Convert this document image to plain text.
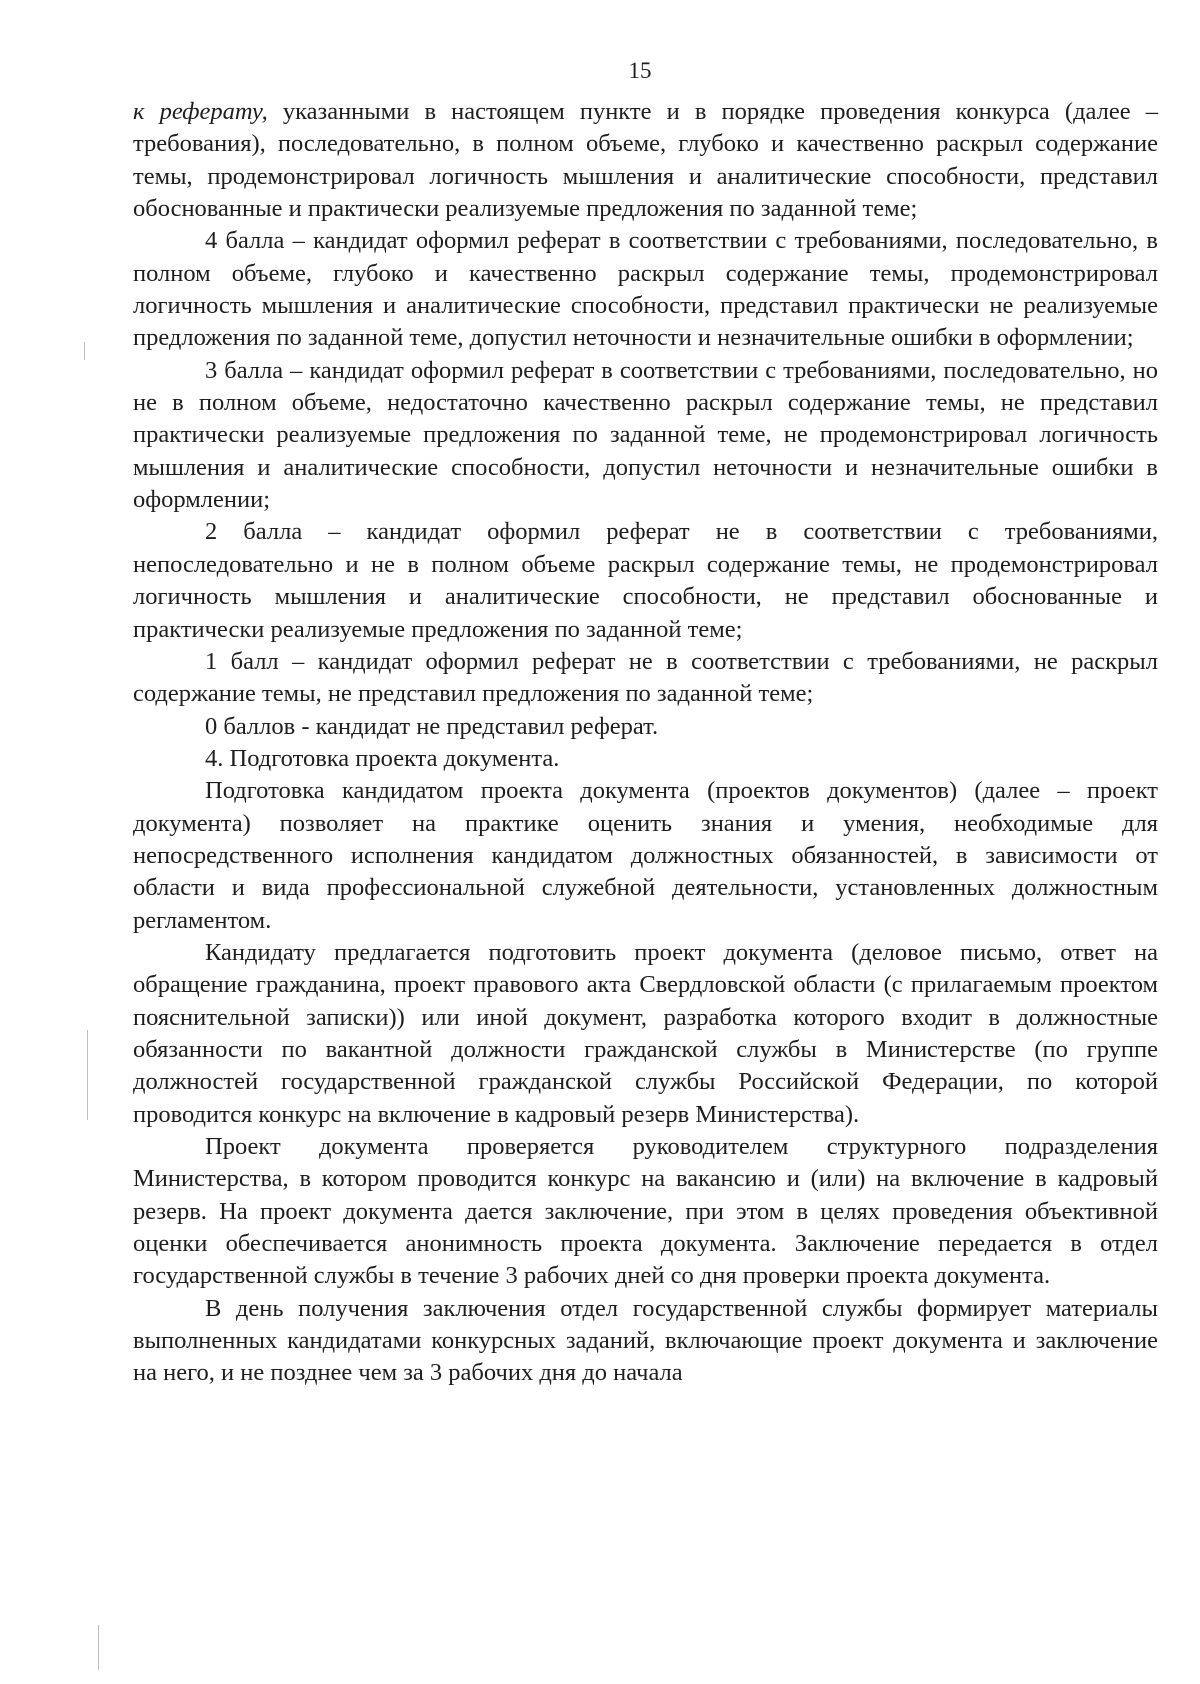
15

к реферату, указанными в настоящем пункте и в порядке проведения конкурса (далее – требования), последовательно, в полном объеме, глубоко и качественно раскрыл содержание темы, продемонстрировал логичность мышления и аналитические способности, представил обоснованные и практически реализуемые предложения по заданной теме;

4 балла – кандидат оформил реферат в соответствии с требованиями, последовательно, в полном объеме, глубоко и качественно раскрыл содержание темы, продемонстрировал логичность мышления и аналитические способности, представил практически не реализуемые предложения по заданной теме, допустил неточности и незначительные ошибки в оформлении;

3 балла – кандидат оформил реферат в соответствии с требованиями, последовательно, но не в полном объеме, недостаточно качественно раскрыл содержание темы, не представил практически реализуемые предложения по заданной теме, не продемонстрировал логичность мышления и аналитические способности, допустил неточности и незначительные ошибки в оформлении;

2 балла – кандидат оформил реферат не в соответствии с требованиями, непоследовательно и не в полном объеме раскрыл содержание темы, не продемонстрировал логичность мышления и аналитические способности, не представил обоснованные и практически реализуемые предложения по заданной теме;

1 балл – кандидат оформил реферат не в соответствии с требованиями, не раскрыл содержание темы, не представил предложения по заданной теме;

0 баллов - кандидат не представил реферат.

4. Подготовка проекта документа.

Подготовка кандидатом проекта документа (проектов документов) (далее – проект документа) позволяет на практике оценить знания и умения, необходимые для непосредственного исполнения кандидатом должностных обязанностей, в зависимости от области и вида профессиональной служебной деятельности, установленных должностным регламентом.

Кандидату предлагается подготовить проект документа (деловое письмо, ответ на обращение гражданина, проект правового акта Свердловской области (с прилагаемым проектом пояснительной записки)) или иной документ, разработка которого входит в должностные обязанности по вакантной должности гражданской службы в Министерстве (по группе должностей государственной гражданской службы Российской Федерации, по которой проводится конкурс на включение в кадровый резерв Министерства).

Проект документа проверяется руководителем структурного подразделения Министерства, в котором проводится конкурс на вакансию и (или) на включение в кадровый резерв. На проект документа дается заключение, при этом в целях проведения объективной оценки обеспечивается анонимность проекта документа. Заключение передается в отдел государственной службы в течение 3 рабочих дней со дня проверки проекта документа.

В день получения заключения отдел государственной службы формирует материалы выполненных кандидатами конкурсных заданий, включающие проект документа и заключение на него, и не позднее чем за 3 рабочих дня до начала
